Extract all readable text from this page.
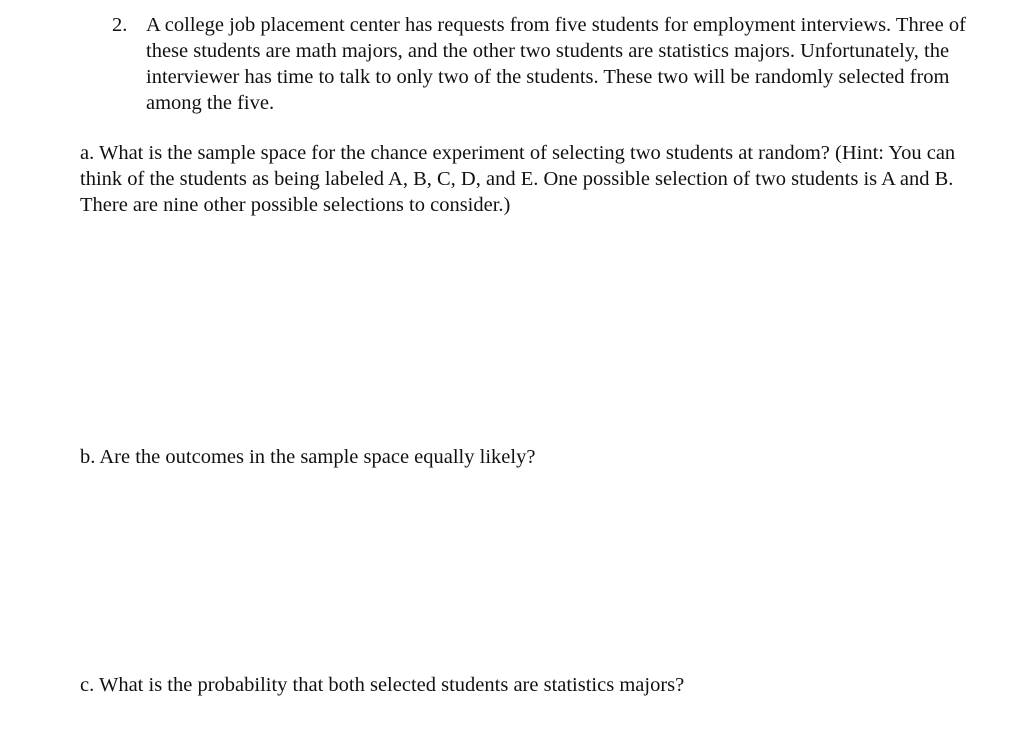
2. A college job placement center has requests from five students for employment interviews. Three of these students are math majors, and the other two students are statistics majors. Unfortunately, the interviewer has time to talk to only two of the students. These two will be randomly selected from among the five.
a. What is the sample space for the chance experiment of selecting two students at random? (Hint: You can think of the students as being labeled A, B, C, D, and E. One possible selection of two students is A and B. There are nine other possible selections to consider.)
b. Are the outcomes in the sample space equally likely?
c. What is the probability that both selected students are statistics majors?
